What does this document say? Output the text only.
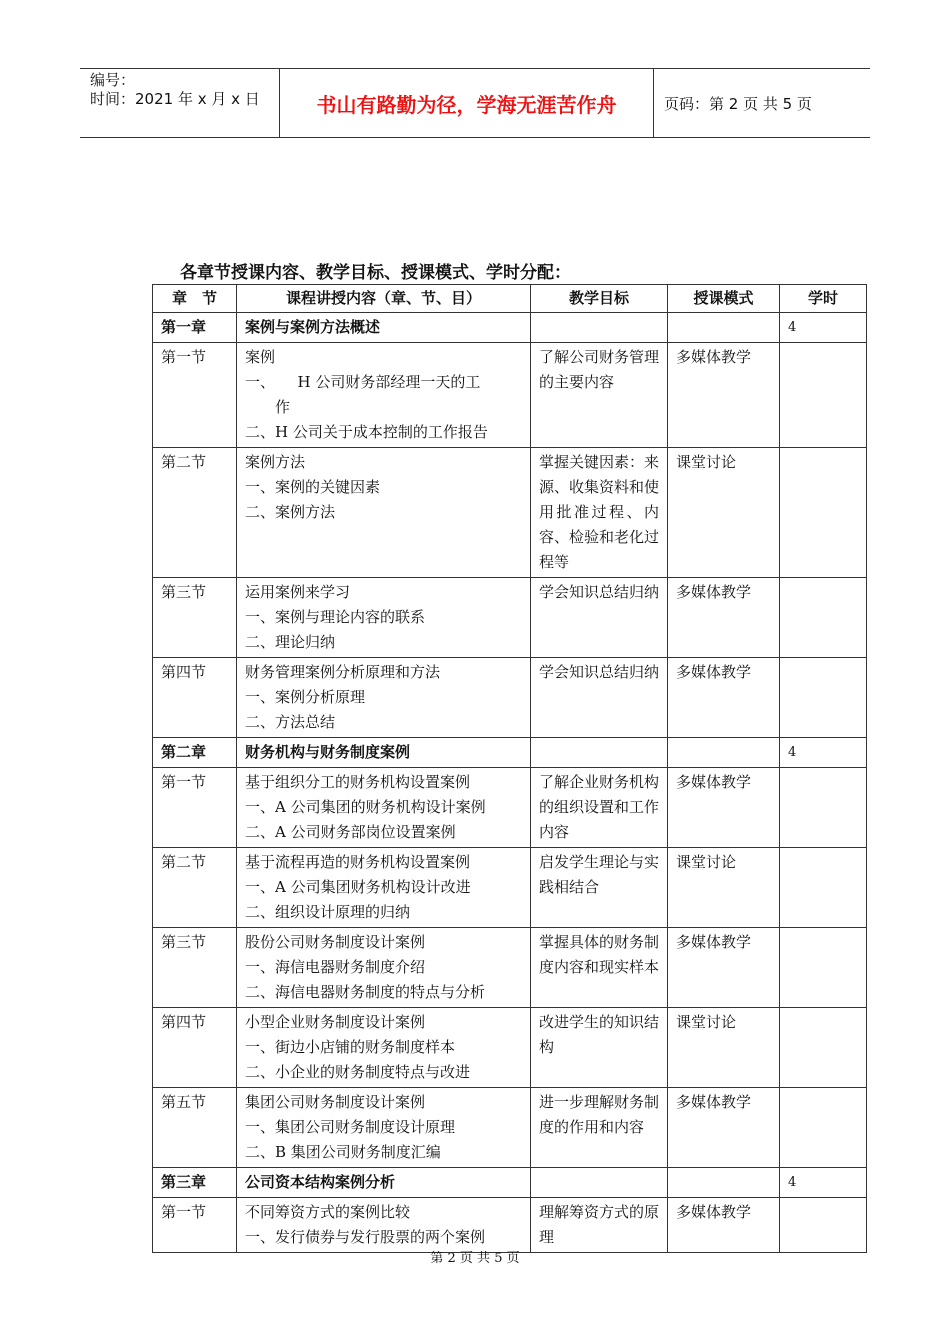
编号：
时间：2021 年 x 月 x 日	书山有路勤为径，学海无涯苦作舟	页码：第 2 页 共 5 页
各章节授课内容、教学目标、授课模式、学时分配：
章　节	课程讲授内容（章、节、目）	教学目标	授课模式	学时
第一章	案例与案例方法概述			4
第一节	案例
一、　　H 公司财务部经理一天的工
　　作
二、H 公司关于成本控制的工作报告	了解公司财务管理的主要内容	多媒体教学	
第二节	案例方法
一、案例的关键因素
二、案例方法	掌握关键因素：来源、收集资料和使用批准过程、内容、检验和老化过程等	课堂讨论	
第三节	运用案例来学习
一、案例与理论内容的联系
二、理论归纳	学会知识总结归纳	多媒体教学	
第四节	财务管理案例分析原理和方法
一、案例分析原理
二、方法总结	学会知识总结归纳	多媒体教学	
第二章	财务机构与财务制度案例			4
第一节	基于组织分工的财务机构设置案例
一、A 公司集团的财务机构设计案例
二、A 公司财务部岗位设置案例	了解企业财务机构的组织设置和工作内容	多媒体教学	
第二节	基于流程再造的财务机构设置案例
一、A 公司集团财务机构设计改进
二、组织设计原理的归纳	启发学生理论与实践相结合	课堂讨论	
第三节	股份公司财务制度设计案例
一、海信电器财务制度介绍
二、海信电器财务制度的特点与分析	掌握具体的财务制度内容和现实样本	多媒体教学	
第四节	小型企业财务制度设计案例
一、街边小店铺的财务制度样本
二、小企业的财务制度特点与改进	改进学生的知识结构	课堂讨论	
第五节	集团公司财务制度设计案例
一、集团公司财务制度设计原理
二、B 集团公司财务制度汇编	进一步理解财务制度的作用和内容	多媒体教学	
第三章	公司资本结构案例分析			4
第一节	不同筹资方式的案例比较
一、发行债券与发行股票的两个案例	理解筹资方式的原理	多媒体教学	
第 2 页 共 5 页
